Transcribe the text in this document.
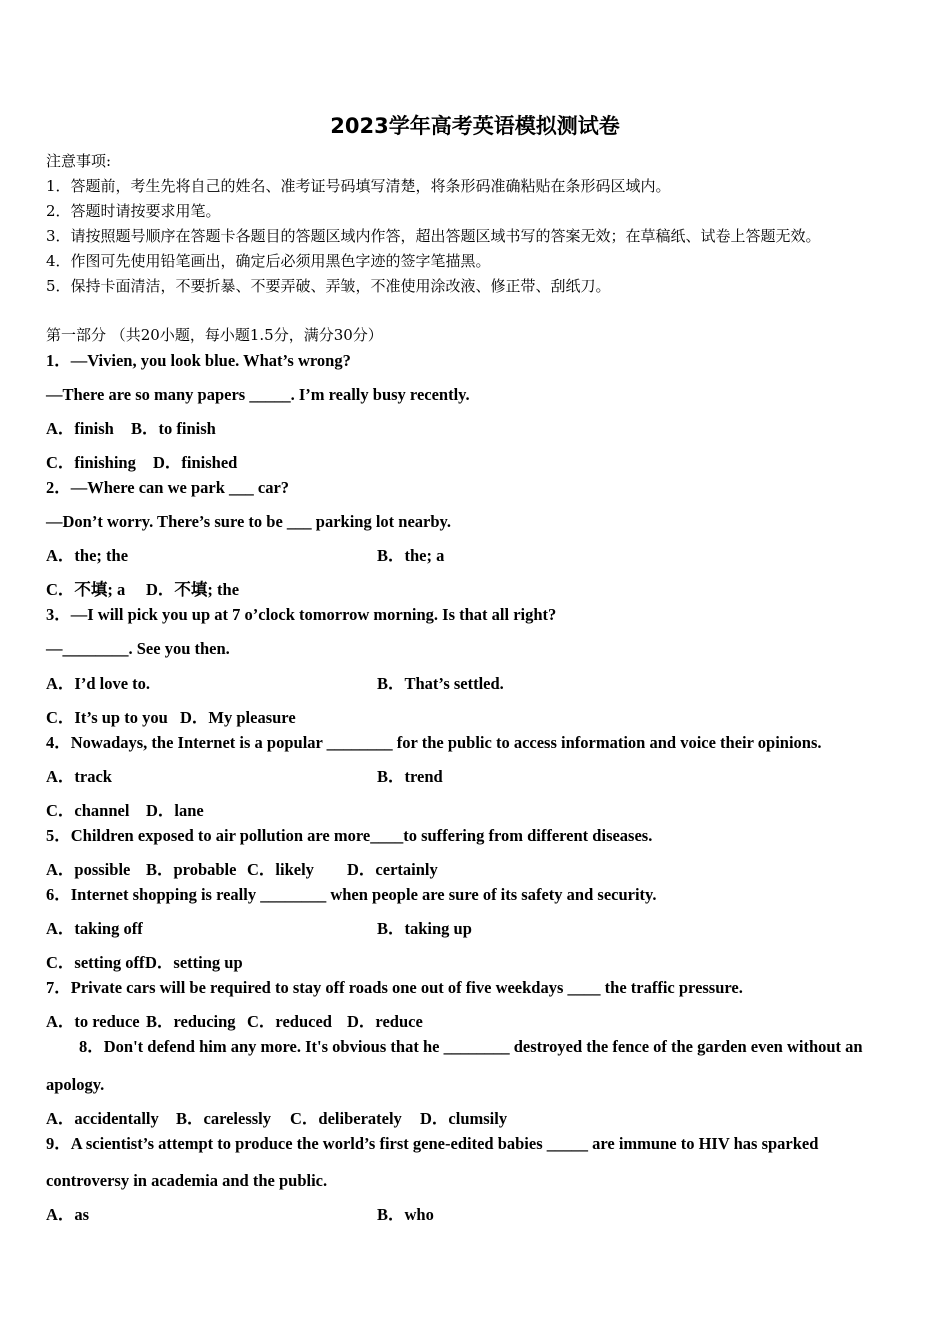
2023学年高考英语模拟测试卷
注意事项:
1．答题前，考生先将自己的姓名、准考证号码填写清楚，将条形码准确粘贴在条形码区域内。
2．答题时请按要求用笔。
3．请按照题号顺序在答题卡各题目的答题区域内作答，超出答题区域书写的答案无效；在草稿纸、试卷上答题无效。
4．作图可先使用铅笔画出，确定后必须用黑色字迹的签字笔描黑。
5．保持卡面清洁，不要折暴、不要弄破、弄皱，不准使用涂改液、修正带、刮纸刀。
第一部分 （共20小题，每小题1.5分，满分30分）
1．—Vivien, you look blue. What’s wrong?
—There are so many papers _____. I’m really busy recently.
A．finish B．to finish
C．finishing D．finished
2．—Where can we park ___ car?
—Don’t worry. There’s sure to be ___ parking lot nearby.
A．the; the	B．the; a
C．不填; a D．不填; the
3．—I will pick you up at 7 o’clock tomorrow morning. Is that all right?
—________. See you then.
A．I’d love to.	B．That’s settled.
C．It’s up to you D．My pleasure
4．Nowadays, the Internet is a popular ________ for the public to access information and voice their opinions.
A．track	B．trend
C．channel D．lane
5．Children exposed to air pollution are more____to suffering from different diseases.
A．possible B．probable C．likely D．certainly
6．Internet shopping is really ________ when people are sure of its safety and security.
A．taking off	B．taking up
C．setting off D．setting up
7．Private cars will be required to stay off roads one out of five weekdays ____ the traffic pressure.
A．to reduce B．reducing C．reduced D．reduce
8．Don't defend him any more. It's obvious that he ________ destroyed the fence of the garden even without an
apology.
A．accidentally B．carelessly C．deliberately D．clumsily
9．A scientist’s attempt to produce the world’s first gene-edited babies _____ are immune to HIV has sparked
controversy in academia and the public.
A．as	B．who
